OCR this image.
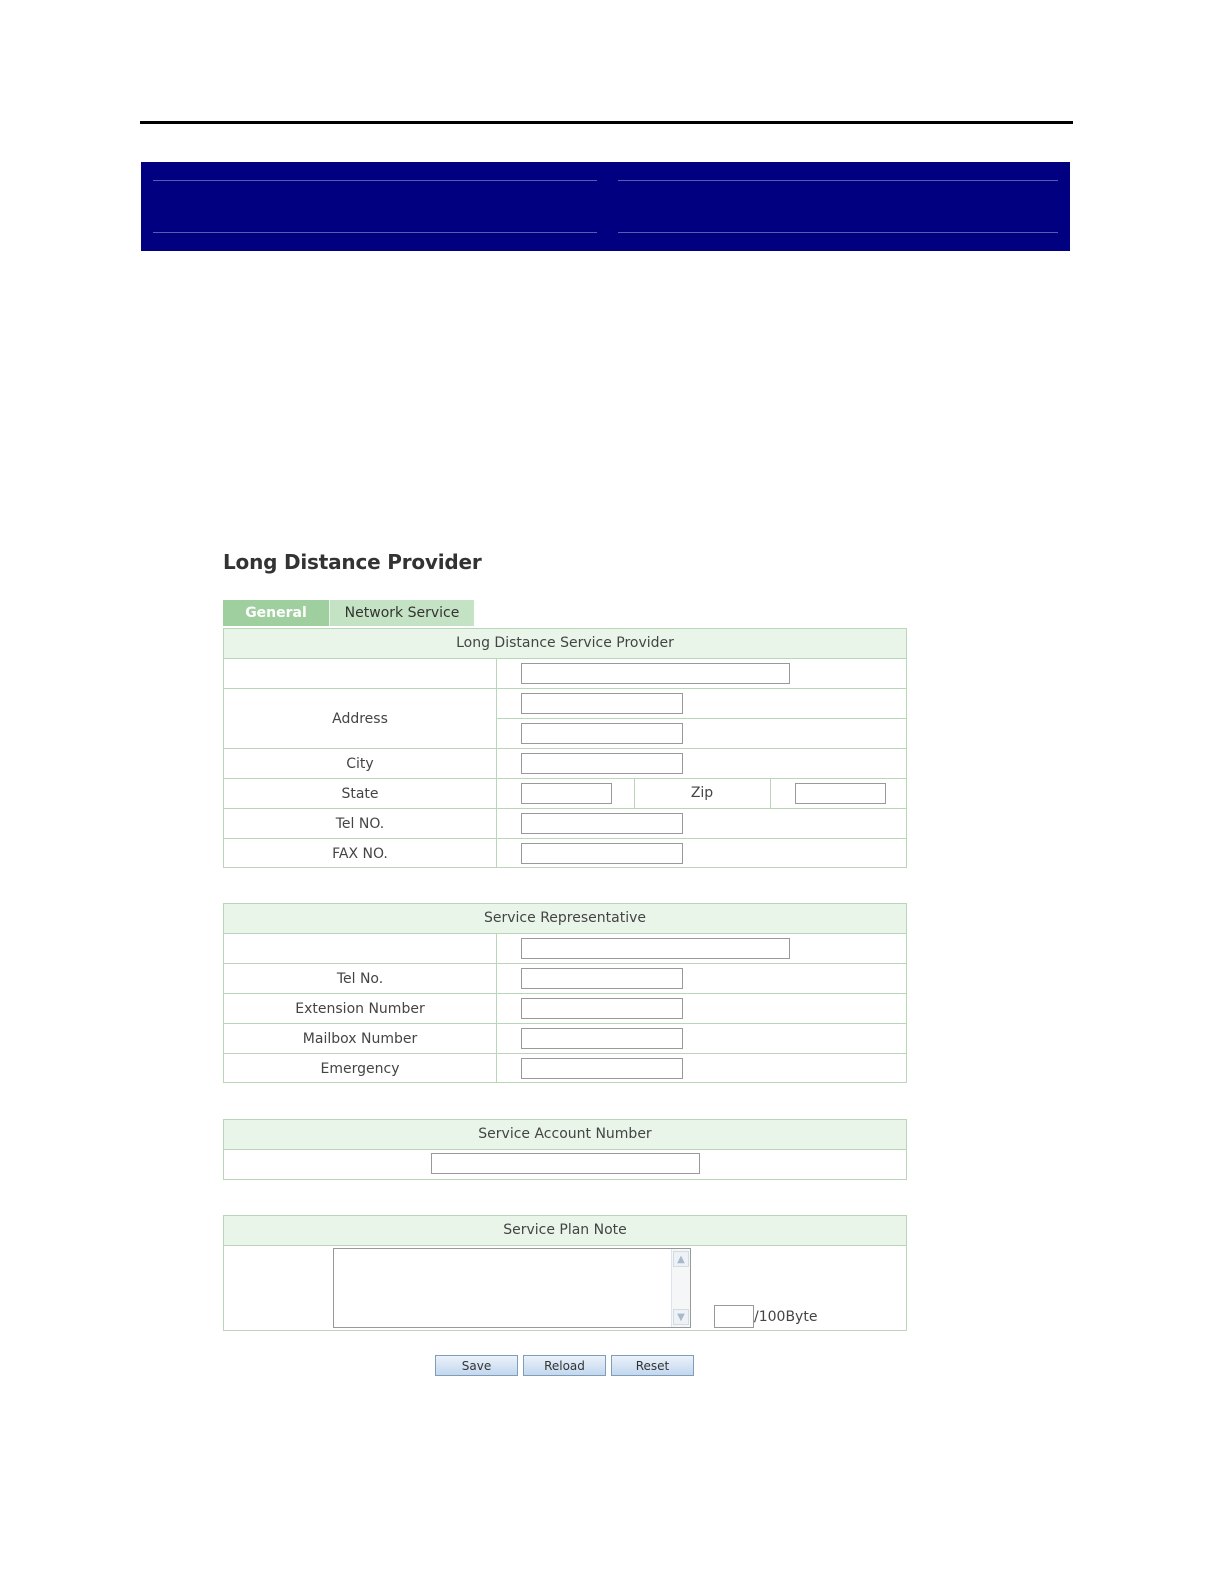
Long Distance Provider
General	Network Service
Long Distance Service Provider
Address
City
State	Zip
Tel NO.
FAX NO.
Service Representative
Tel No.
Extension Number
Mailbox Number
Emergency
Service Account Number
Service Plan Note
▲
▼	/100Byte
Save	Reload	Reset
